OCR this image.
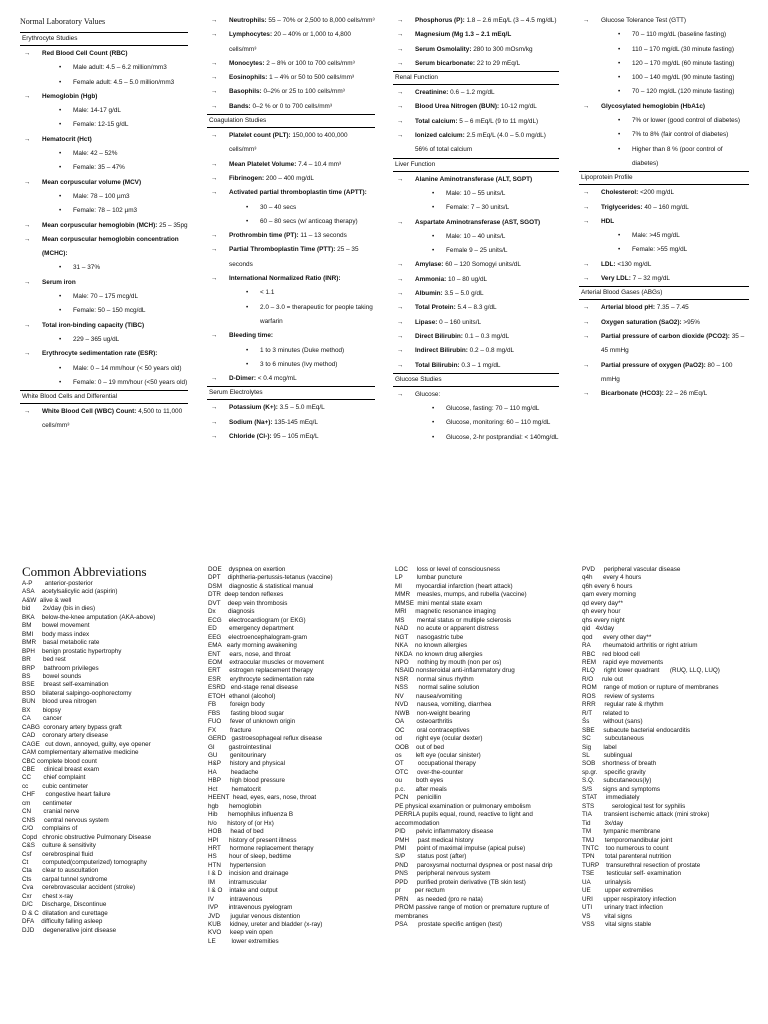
Normal Laboratory Values
Erythrocyte Studies
→ Red Blood Cell Count (RBC)
• Male adult: 4.5 – 6.2 million/mm3
• Female adult: 4.5 – 5.0 million/mm3
→ Hemoglobin (Hgb)
• Male: 14-17 g/dL
• Female: 12-15 g/dL
→ Hematocrit (Hct)
• Male: 42 – 52%
• Female: 35 – 47%
→ Mean corpuscular volume (MCV)
• Male: 78 – 100 µm3
• Female: 78 – 102 µm3
→ Mean corpuscular hemoglobin (MCH): 25 – 35pg
→ Mean corpuscular hemoglobin concentration (MCHC):
• 31 – 37%
→ Serum iron
• Male: 70 – 175 mcg/dL
• Female: 50 – 150 mcg/dL
→ Total iron-binding capacity (TIBC)
• 229 – 365 ug/dL
→ Erythrocyte sedimentation rate (ESR):
• Male: 0 – 14 mm/hour (< 50 years old)
• Female: 0 – 19 mm/hour (<50 years old)
White Blood Cells and Differential
→ White Blood Cell (WBC) Count: 4,500 to 11,000 cells/mm³
→ Neutrophils: 55 – 70% or 2,500 to 8,000 cells/mm³
→ Lymphocytes: 20 – 40% or 1,000 to 4,800 cells/mm³
→ Monocytes: 2 – 8% or 100 to 700 cells/mm³
→ Eosinophils: 1 – 4% or 50 to 500 cells/mm³
→ Basophils: 0–2% or 25 to 100 cells/mm³
→ Bands: 0–2 % or 0 to 700 cells/mm³
Coagulation Studies
→ Platelet count (PLT): 150,000 to 400,000 cells/mm³
→ Mean Platelet Volume: 7.4 – 10.4 mm³
→ Fibrinogen: 200 – 400 mg/dL
→ Activated partial thromboplastin time (APTT):
• 30 – 40 secs
• 60 – 80 secs (w/ anticoag therapy)
→ Prothrombin time (PT): 11 – 13 seconds
→ Partial Thromboplastin Time (PTT): 25 – 35 seconds
→ International Normalized Ratio (INR):
• < 1.1
• 2.0 – 3.0 = therapeutic for people taking warfarin
→ Bleeding time:
• 1 to 3 minutes (Duke method)
• 3 to 6 minutes (Ivy method)
→ D-Dimer: < 0.4 mcg/mL
Serum Electrolytes
→ Potassium (K+): 3.5 – 5.0 mEq/L
→ Sodium (Na+): 135-145 mEq/L
→ Chloride (Cl-): 95 – 105 mEq/L
→ Phosphorus (P): 1.8 – 2.6 mEq/L (3 – 4.5 mg/dL)
→ Magnesium (Mg 1.3 – 2.1 mEq/L
→ Serum Osmolality: 280 to 300 mOsm/kg
→ Serum bicarbonate: 22 to 29 mEq/L
Renal Function
→ Creatinine: 0.6 – 1.2 mg/dL
→ Blood Urea Nitrogen (BUN): 10-12 mg/dL
→ Total calcium: 5 – 6 mEq/L (9 to 11 mg/dL)
→ Ionized calcium: 2.5 mEq/L (4.0 – 5.0 mg/dL) 56% of total calcium
Liver Function
→ Alanine Aminotransferase (ALT, SGPT)
• Male: 10 – 55 units/L
• Female: 7 – 30 units/L
→ Aspartate Aminotransferase (AST, SGOT)
• Male: 10 – 40 units/L
• Female 9 – 25 units/L
→ Amylase: 60 – 120 Somogyi units/dL
→ Ammonia: 10 – 80 ug/dL
→ Albumin: 3.5 – 5.0 g/dL
→ Total Protein: 5.4 – 8.3 g/dL
→ Lipase: 0 – 160 units/L
→ Direct Bilirubin: 0.1 – 0.3 mg/dL
→ Indirect Bilirubin: 0.2 – 0.8 mg/dL
→ Total Bilirubin: 0.3 – 1 mg/dL
Glucose Studies
→ Glucose:
• Glucose, fasting: 70 – 110 mg/dL
• Glucose, monitoring: 60 – 110 mg/dL
• Glucose, 2-hr postprandial: < 140mg/dL
→ Glucose Tolerance Test (GTT)
• 70 – 110 mg/dL (baseline fasting)
• 110 – 170 mg/dL (30 minute fasting)
• 120 – 170 mg/dL (60 minute fasting)
• 100 – 140 mg/dL (90 minute fasting)
• 70 – 120 mg/dL (120 minute fasting)
→ Glycosylated hemoglobin (HbA1c)
• 7% or lower (good control of diabetes)
• 7% to 8% (fair control of diabetes)
• Higher than 8 % (poor control of diabetes)
Lipoprotein Profile
→ Cholesterol: <200 mg/dL
→ Triglycerides: 40 – 160 mg/dL
→ HDL
• Male: >45 mg/dL
• Female: >55 mg/dL
→ LDL: <130 mg/dL
→ Very LDL: 7 – 32 mg/dL
Arterial Blood Gases (ABGs)
→ Arterial blood pH: 7.35 – 7.45
→ Oxygen saturation (SaO2): >95%
→ Partial pressure of carbon dioxide (PCO2): 35 – 45 mmHg
→ Partial pressure of oxygen (PaO2): 80 – 100 mmHg
→ Bicarbonate (HCO3): 22 – 26 mEq/L
Common Abbreviations
A-P       anterior-posterior
ASA    acetylsalicylic acid (aspirin)
A&W  alive & well
bid       2x/day (bis in dies)
BKA    below-the-knee amputation (AKA-above)
BM      bowel movement
BMI     body mass index
BMR    basal metabolic rate
BPH    benign prostatic hypertrophy
BR       bed rest
BRP     bathroom privileges
BS       bowel sounds
BSE     breast self-examination
BSO    bilateral salpingo-oophorectomy
BUN    blood urea nitrogen
BX       biopsy
CA       cancer
CABG  coronary artery bypass graft
CAD    coronary artery disease
CAGE   cut down, annoyed, guilty, eye opener
CAM complementary alternative medicine
CBC complete blood count
CBE     clinical breast exam
CC       chief complaint
cc        cubic centimeter
CHF      congestive heart failure
cm       centimeter
CN       cranial nerve
CNS     central nervous system
C/O     complains of
Copd   chronic obstructive Pulmonary Disease
C&S    culture & sensitivity
Csf      cerebrospinal fluid
Ct        computed(computerized) tomography
Cta      clear to auscultation
Cts      carpal tunnel syndrome
Cva     cerebrovascular accident (stroke)
Cxr      chest x-ray
D/C     Discharge, Discontinue
D & C  dilatation and curettage
DFA    difficulty falling asleep
DJD     degenerative joint disease
DOE    dyspnea on exertion
DPT    diphtheria-pertussis-tetanus (vaccine)
DSM    diagnostic & statistical manual
DTR  deep tendon reflexes
DVT    deep vein thrombosis
Dx       diagnosis
ECG    electrocardiogram (or EKG)
ED       emergency department
EEG    electroencephalogram-gram
EMA   early morning awakening
ENT     ears, nose, and throat
EOM    extraocular muscles or movement
ERT     estrogen replacement therapy
ESR     erythrocyte sedimentation rate
ESRD   end-stage renal disease
ETOH  ethanol (alcohol)
FB        foreign body
FBS      fasting blood sugar
FUO     fever of unknown origin
FX        fracture
GERD   gastroesophageal reflux disease
GI        gastrointestinal
GU       genitourinary
H&P     history and physical
HA        headache
HBP     high blood pressure
Hct        hematocrit
HEENT  head, eyes, ears, nose, throat
hgb      hemoglobin
Hib      hemophilus influenza B
h/o      history of (or Hx)
HOB     head of bed
HPI      history of present illness
HRT     hormone replacement therapy
HS       hour of sleep, bedtime
HTN     hypertension
I & D    incision and drainage
IM        intramuscular
I & O    intake and output
IV         intravenous
IVP      intravenous pyelogram
JVD      jugular venous distention
KUB     kidney, ureter and bladder (x-ray)
KVO     keep vein open
LE         lower extremities
LOC     loss or level of consciousness
LP        lumbar puncture
MI        myocardial infarction (heart attack)
MMR    measles, mumps, and rubella (vaccine)
MMSE  mini mental state exam
MRI     magnetic resonance imaging
MS       mental status or multiple sclerosis
NAD     no acute or apparent distress
NGT     nasogastric tube
NKA    no known allergies
NKDA  no known drug allergies
NPO     nothing by mouth (non per os)
NSAID nonsteroidal anti-inflammatory drug
NSR     normal sinus rhythm
NSS      normal saline solution
NV       nausea/vomiting
NVD     nausea, vomiting, diarrhea
NWB    non-weight bearing
OA       osteoarthritis
OC       oral contraceptives
od        right eye (ocular dexter)
OOB    out of bed
os        left eye (ocular sinister)
OT        occupational therapy
OTC     over-the-counter
ou        both eyes
p.c.      after meals
PCN     penicillin
PE physical examination or pulmonary embolism
PERRLA pupils equal, round, reactive to light and accommodation
PID      pelvic inflammatory disease
PMH     past medical history
PMI      point of maximal impulse (apical pulse)
S/P       status post (after)
PND     paroxysmal nocturnal dyspnea or post nasal drip
PNS     peripheral nervous system
PPD     purified protein derivative (TB skin test)
pr        per rectum
PRN     as needed (pro re nata)
PROM passive range of motion or premature rupture of membranes
PSA      prostate specific antigen (test)
PVD     peripheral vascular disease
q4h      every 4 hours
q6h every 6 hours
qam every morning
qd every day**
qh every hour
qhs every night
qid   4x/day
qod      every other day**
RA       rheumatoid arthritis or right atrium
RBC    red blood cell
REM    rapid eye movements
RLQ     right lower quadrant      (RUQ, LLQ, LUQ)
R/O     rule out
ROM    range of motion or rupture of membranes
ROS     review of systems
RRR     regular rate & rhythm
R/T      related to
Śs        without (sans)
SBE     subacute bacterial endocarditis
SC        subcutaneous
Sig       label
SL        sublingual
SOB    shortness of breath
sp.gr.    specific gravity
S.Q.     subcutaneous(ly)
S/S      signs and symptoms
STAT     immediately
STS          serological test for syphilis
TIA       transient ischemic attack (mini stroke)
Tid        3x/day
TM       tympanic membrane
TMJ      temporomandibular joint
TNTC    too numerous to count
TPN      total parenteral nutrition
TURP    transurethral resection of prostate
TSE       testicular self- examination
UA        urinalysis
UE        upper extremities
URI      upper respiratory infection
UTI       urinary tract infection
VS        vital signs
VSS      vital signs stable
